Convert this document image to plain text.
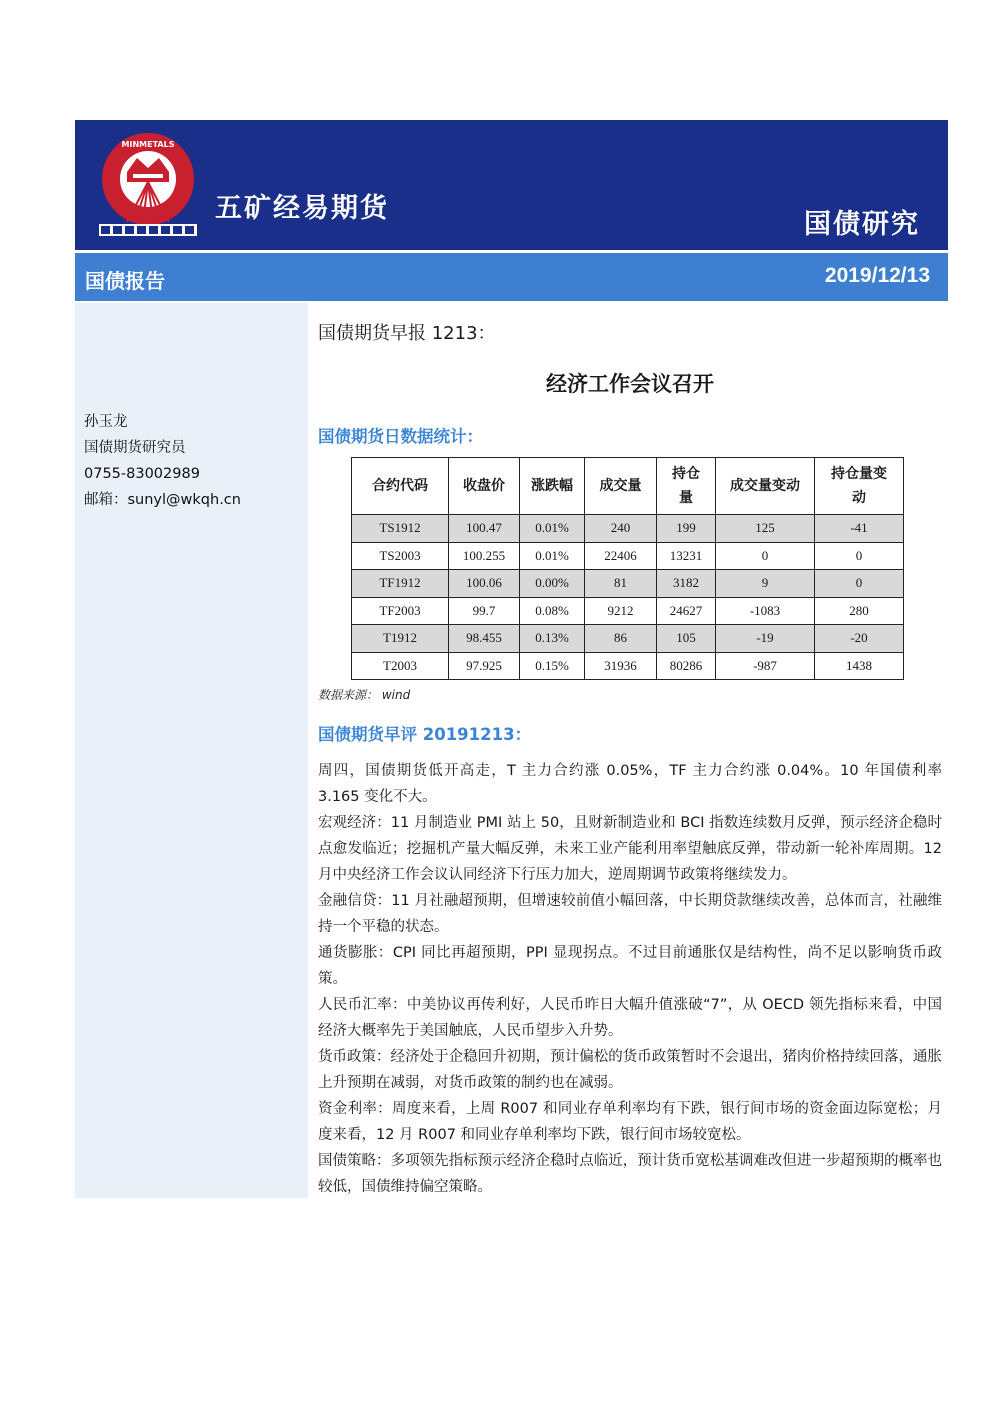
MINMETALS
五矿经易期货
国债研究
国债报告	2019/12/13
孙玉龙
国债期货研究员
0755-83002989
邮箱：sunyl@wkqh.cn
国债期货早报 1213：
经济工作会议召开
国债期货日数据统计：
合约代码	收盘价	涨跌幅	成交量	持仓量	成交量变动	持仓量变动
TS1912	100.47	0.01%	240	199	125	-41
TS2003	100.255	0.01%	22406	13231	0	0
TF1912	100.06	0.00%	81	3182	9	0
TF2003	99.7	0.08%	9212	24627	-1083	280
T1912	98.455	0.13%	86	105	-19	-20
T2003	97.925	0.15%	31936	80286	-987	1438
数据来源： wind
国债期货早评 20191213：

周四，国债期货低开高走，T 主力合约涨 0.05%，TF 主力合约涨 0.04%。10 年国债利率 3.165 变化不大。

宏观经济：11 月制造业 PMI 站上 50，且财新制造业和 BCI 指数连续数月反弹，预示经济企稳时点愈发临近；挖掘机产量大幅反弹，未来工业产能利用率望触底反弹，带动新一轮补库周期。12 月中央经济工作会议认同经济下行压力加大，逆周期调节政策将继续发力。

金融信贷：11 月社融超预期，但增速较前值小幅回落，中长期贷款继续改善，总体而言，社融维持一个平稳的状态。

通货膨胀：CPI 同比再超预期，PPI 显现拐点。不过目前通胀仅是结构性，尚不足以影响货币政策。

人民币汇率：中美协议再传利好，人民币昨日大幅升值涨破“7”，从 OECD 领先指标来看，中国经济大概率先于美国触底，人民币望步入升势。

货币政策：经济处于企稳回升初期，预计偏松的货币政策暂时不会退出，猪肉价格持续回落，通胀上升预期在减弱，对货币政策的制约也在减弱。

资金利率：周度来看，上周 R007 和同业存单利率均有下跌，银行间市场的资金面边际宽松；月度来看，12 月 R007 和同业存单利率均下跌，银行间市场较宽松。

国债策略：多项领先指标预示经济企稳时点临近，预计货币宽松基调难改但进一步超预期的概率也较低，国债维持偏空策略。
